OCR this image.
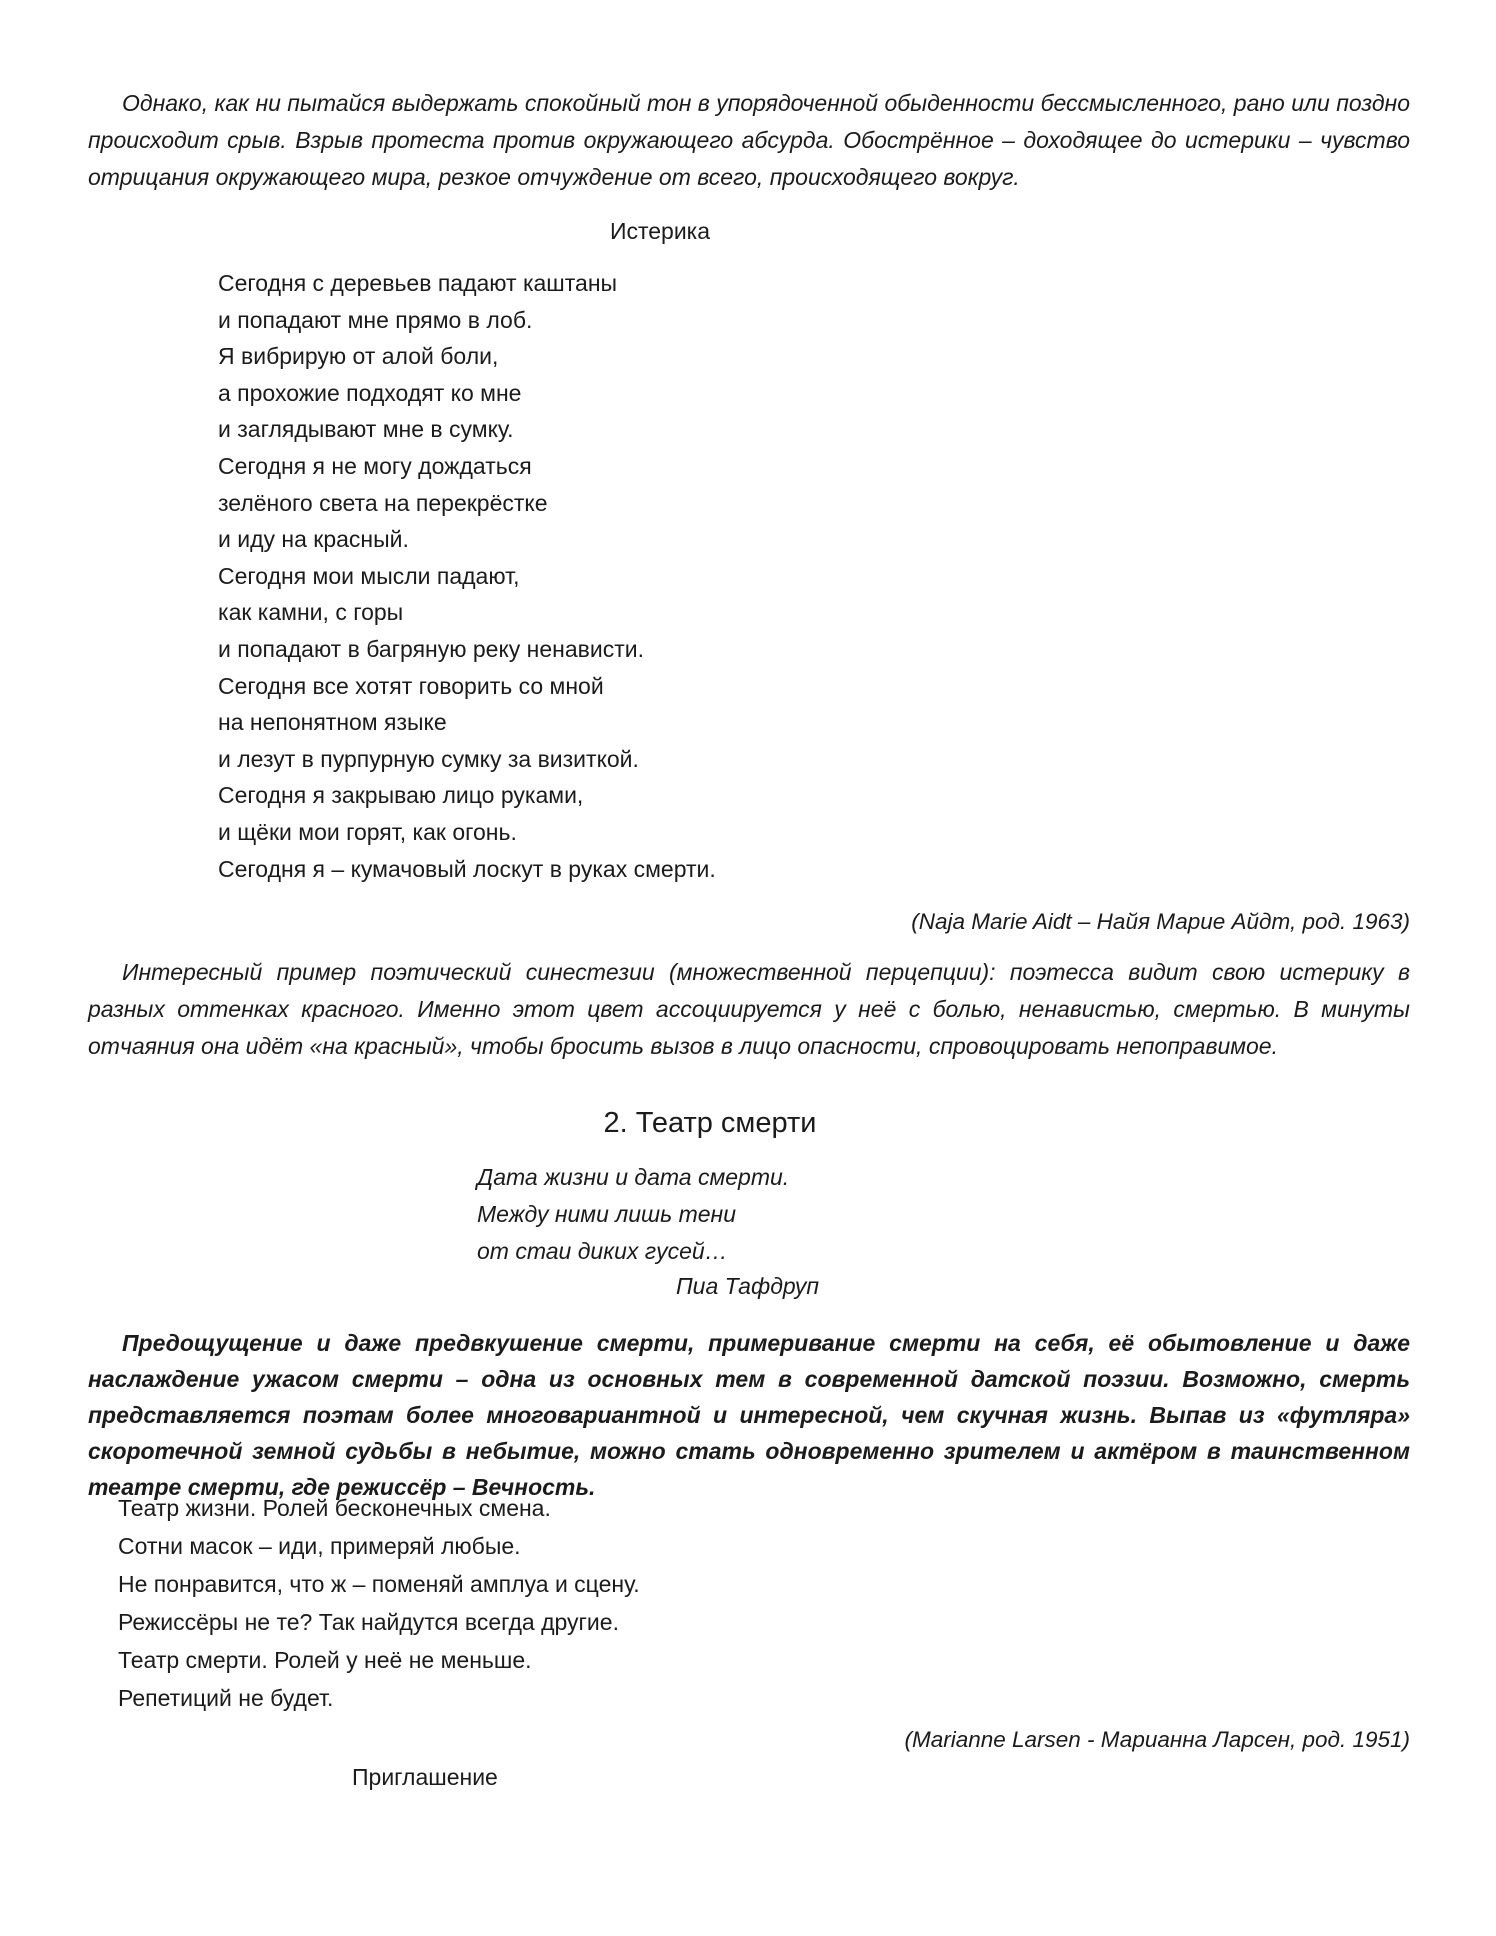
Однако, как ни пытайся выдержать спокойный тон в упорядоченной обыденности бессмысленного, рано или поздно происходит срыв. Взрыв протеста против окружающего абсурда. Обострённое – доходящее до истерики – чувство отрицания окружающего мира, резкое отчуждение от всего, происходящего вокруг.
Истерика
Сегодня с деревьев падают каштаны
и попадают мне прямо в лоб.
Я вибрирую от алой боли,
а прохожие подходят ко мне
и заглядывают мне в сумку.
Сегодня я не могу дождаться
зелёного света на перекрёстке
и иду на красный.
Сегодня мои мысли падают,
как камни, с горы
и попадают в багряную реку ненависти.
Сегодня все хотят говорить со мной
на непонятном языке
и лезут в пурпурную сумку за визиткой.
Сегодня я закрываю лицо руками,
и щёки мои горят, как огонь.
Сегодня я – кумачовый лоскут в руках смерти.
(Naja Marie Aidt – Найя Марие Айдт, род. 1963)
Интересный пример поэтический синестезии (множественной перцепции): поэтесса видит свою истерику в разных оттенках красного. Именно этот цвет ассоциируется у неё с болью, ненавистью, смертью. В минуты отчаяния она идёт «на красный», чтобы бросить вызов в лицо опасности, спровоцировать непоправимое.
2. Театр смерти
Дата жизни и дата смерти.
Между ними лишь тени
от стаи диких гусей…
Пиа Тафдруп
Предощущение и даже предвкушение смерти, примеривание смерти на себя, её обытовление и даже наслаждение ужасом смерти – одна из основных тем в современной датской поэзии. Возможно, смерть представляется поэтам более многовариантной и интересной, чем скучная жизнь. Выпав из «футляра» скоротечной земной судьбы в небытие, можно стать одновременно зрителем и актёром в таинственном театре смерти, где режиссёр – Вечность.
Театр жизни. Ролей бесконечных смена.
Сотни масок – иди, примеряй любые.
Не понравится, что ж – поменяй амплуа и сцену.
Режиссёры не те? Так найдутся всегда другие.
Театр смерти. Ролей у неё не меньше.
Репетиций не будет.
(Marianne Larsen - Марианна Ларсен, род. 1951)
Приглашение
